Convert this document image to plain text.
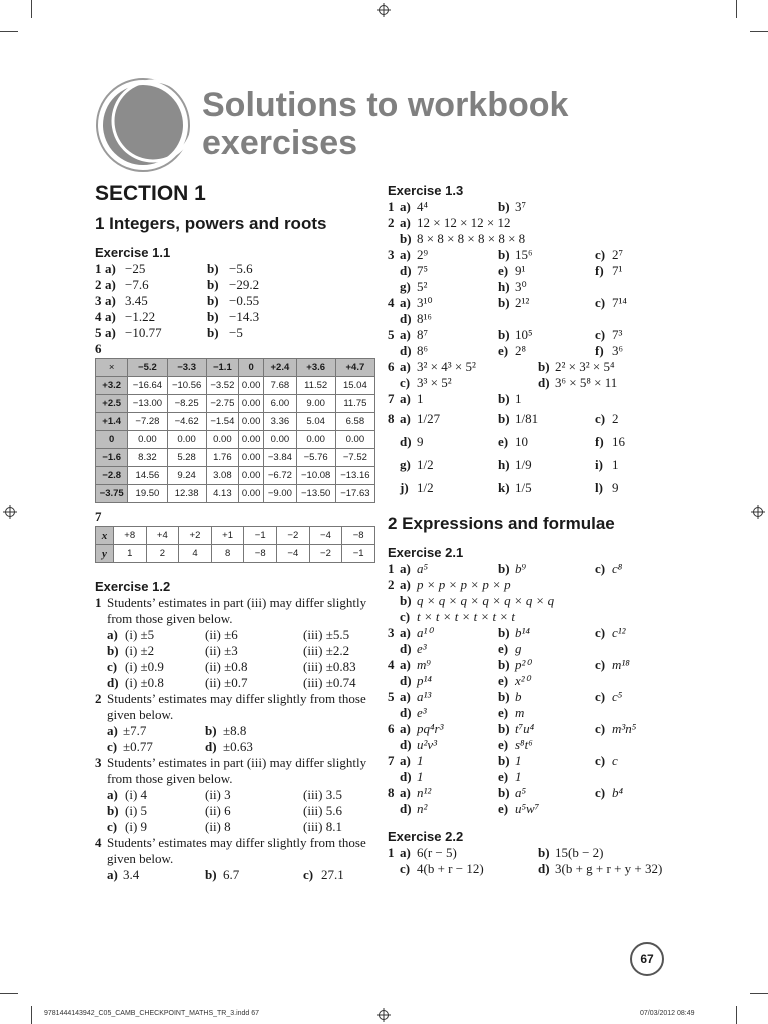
Solutions to workbook
exercises
SECTION 1
1 Integers, powers and roots
Exercise 1.1
1 a) −25	b) −5.6
2 a) −7.6	b) −29.2
3 a) 3.45	b) −0.55
4 a) −1.22	b) −14.3
5 a) −10.77	b) −5
6
×	−5.2	−3.3	−1.1	0	+2.4	+3.6	+4.7
+3.2	−16.64	−10.56	−3.52	0.00	7.68	11.52	15.04
+2.5	−13.00	−8.25	−2.75	0.00	6.00	9.00	11.75
+1.4	−7.28	−4.62	−1.54	0.00	3.36	5.04	6.58
0	0.00	0.00	0.00	0.00	0.00	0.00	0.00
−1.6	8.32	5.28	1.76	0.00	−3.84	−5.76	−7.52
−2.8	14.56	9.24	3.08	0.00	−6.72	−10.08	−13.16
−3.75	19.50	12.38	4.13	0.00	−9.00	−13.50	−17.63
7
x	+8	+4	+2	+1	−1	−2	−4	−8
y	1	2	4	8	−8	−4	−2	−1
Exercise 1.2
1 Students’ estimates in part (iii) may differ slightly from those given below.
a) (i) ±5	(ii) ±6	(iii) ±5.5
b) (i) ±2	(ii) ±3	(iii) ±2.2
c) (i) ±0.9	(ii) ±0.8	(iii) ±0.83
d) (i) ±0.8	(ii) ±0.7	(iii) ±0.74
2 Students’ estimates may differ slightly from those given below.
a) ±7.7	b) ±8.8
c) ±0.77	d) ±0.63
3 Students’ estimates in part (iii) may differ slightly from those given below.
a) (i) 4	(ii) 3	(iii) 3.5
b) (i) 5	(ii) 6	(iii) 5.6
c) (i) 9	(ii) 8	(iii) 8.1
4 Students’ estimates may differ slightly from those given below.
a) 3.4	b) 6.7	c) 27.1
Exercise 1.3
1 a) 4⁴	b) 3⁷
2 a) 12 × 12 × 12 × 12
b) 8 × 8 × 8 × 8 × 8 × 8
3 a) 2⁹	b) 15⁶	c) 2⁷
d) 7⁵	e) 9¹	f) 7¹
g) 5²	h) 3⁰
4 a) 3¹⁰	b) 2¹²	c) 7¹⁴
d) 8¹⁶
5 a) 8⁷	b) 10⁵	c) 7³
d) 8⁶	e) 2⁸	f) 3⁶
6 a) 3² × 4³ × 5²	b) 2² × 3² × 5⁴
c) 3³ × 5²	d) 3⁶ × 5⁸ × 11
7 a) 1	b) 1
8 a) 1/27	b) 1/81	c) 2
d) 9	e) 10	f) 16
g) 1/2	h) 1/9	i) 1
j) 1/2	k) 1/5	l) 9
2 Expressions and formulae
Exercise 2.1
1 a) a⁵	b) b⁹	c) c⁸
2 a) p × p × p × p × p
b) q × q × q × q × q × q × q
c) t × t × t × t × t × t
3 a) a¹⁰	b) b¹⁴	c) c¹²
d) e³	e) g
4 a) m⁹	b) p²⁰	c) m¹⁸
d) p¹⁴	e) x²⁰
5 a) a¹³	b) b	c) c⁵
d) e³	e) m
6 a) pq⁴r³	b) t⁷u⁴	c) m³n⁵
d) u²v³	e) s⁸t⁶
7 a) 1	b) 1	c) c
d) 1	e) 1
8 a) n¹²	b) a⁵	c) b⁴
d) n²	e) u⁵w⁷
Exercise 2.2
1 a) 6(r − 5)	b) 15(b − 2)
c) 4(b + r − 12)	d) 3(b + g + r + y + 32)
67
9781444143942_C05_CAMB_CHECKPOINT_MATHS_TR_3.indd 67	07/03/2012 08:49
